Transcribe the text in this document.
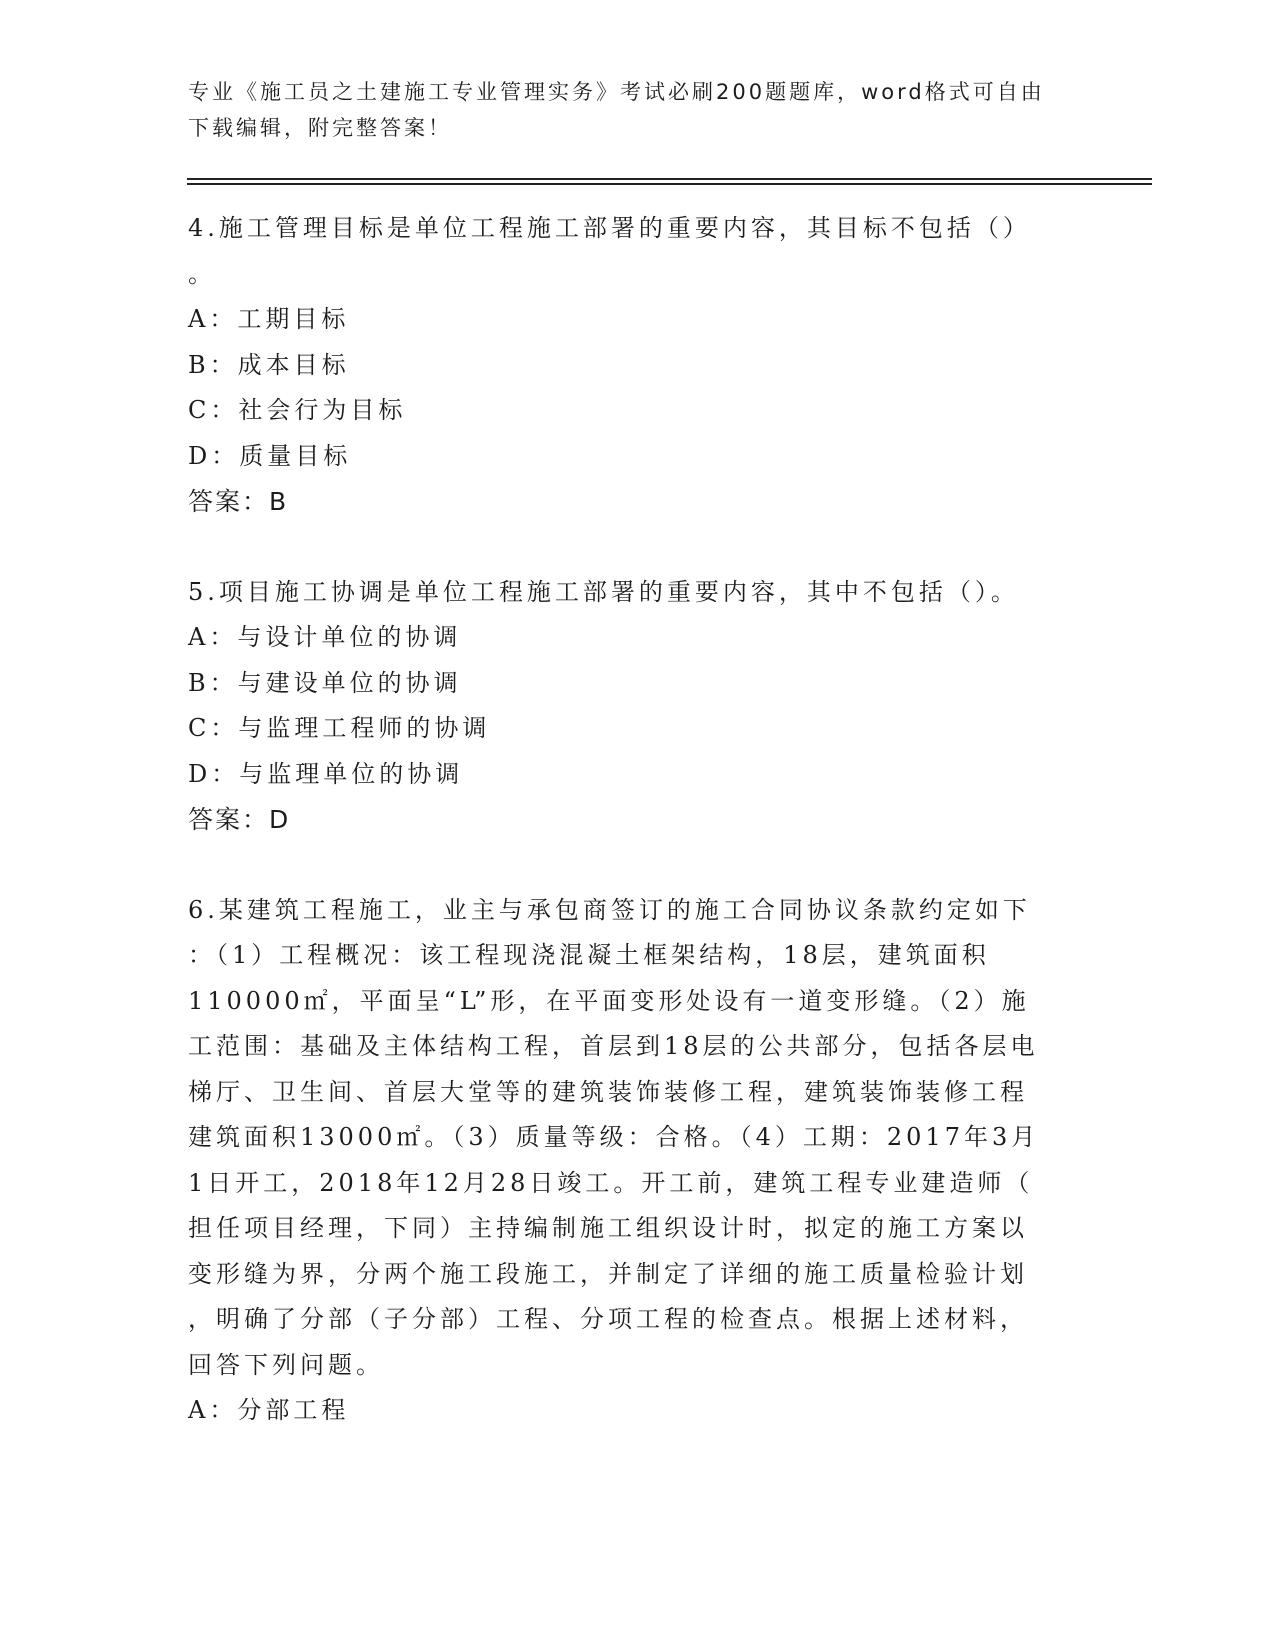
专业《施工员之土建施工专业管理实务》考试必刷200题题库，word格式可自由
下载编辑，附完整答案！

4.施工管理目标是单位工程施工部署的重要内容，其目标不包括（）

。

A：工期目标

B：成本目标

C：社会行为目标

D：质量目标

答案：B

5.项目施工协调是单位工程施工部署的重要内容，其中不包括（）。

A：与设计单位的协调

B：与建设单位的协调

C：与监理工程师的协调

D：与监理单位的协调

答案：D

6.某建筑工程施工，业主与承包商签订的施工合同协议条款约定如下

：（1）工程概况：该工程现浇混凝土框架结构，18层，建筑面积

110000㎡，平面呈“L”形，在平面变形处设有一道变形缝。（2）施

工范围：基础及主体结构工程，首层到18层的公共部分，包括各层电

梯厅、卫生间、首层大堂等的建筑装饰装修工程，建筑装饰装修工程

建筑面积13000㎡。（3）质量等级：合格。（4）工期：2017年3月

1日开工，2018年12月28日竣工。开工前，建筑工程专业建造师（

担任项目经理，下同）主持编制施工组织设计时，拟定的施工方案以

变形缝为界，分两个施工段施工，并制定了详细的施工质量检验计划

，明确了分部（子分部）工程、分项工程的检查点。根据上述材料，

回答下列问题。

A：分部工程
